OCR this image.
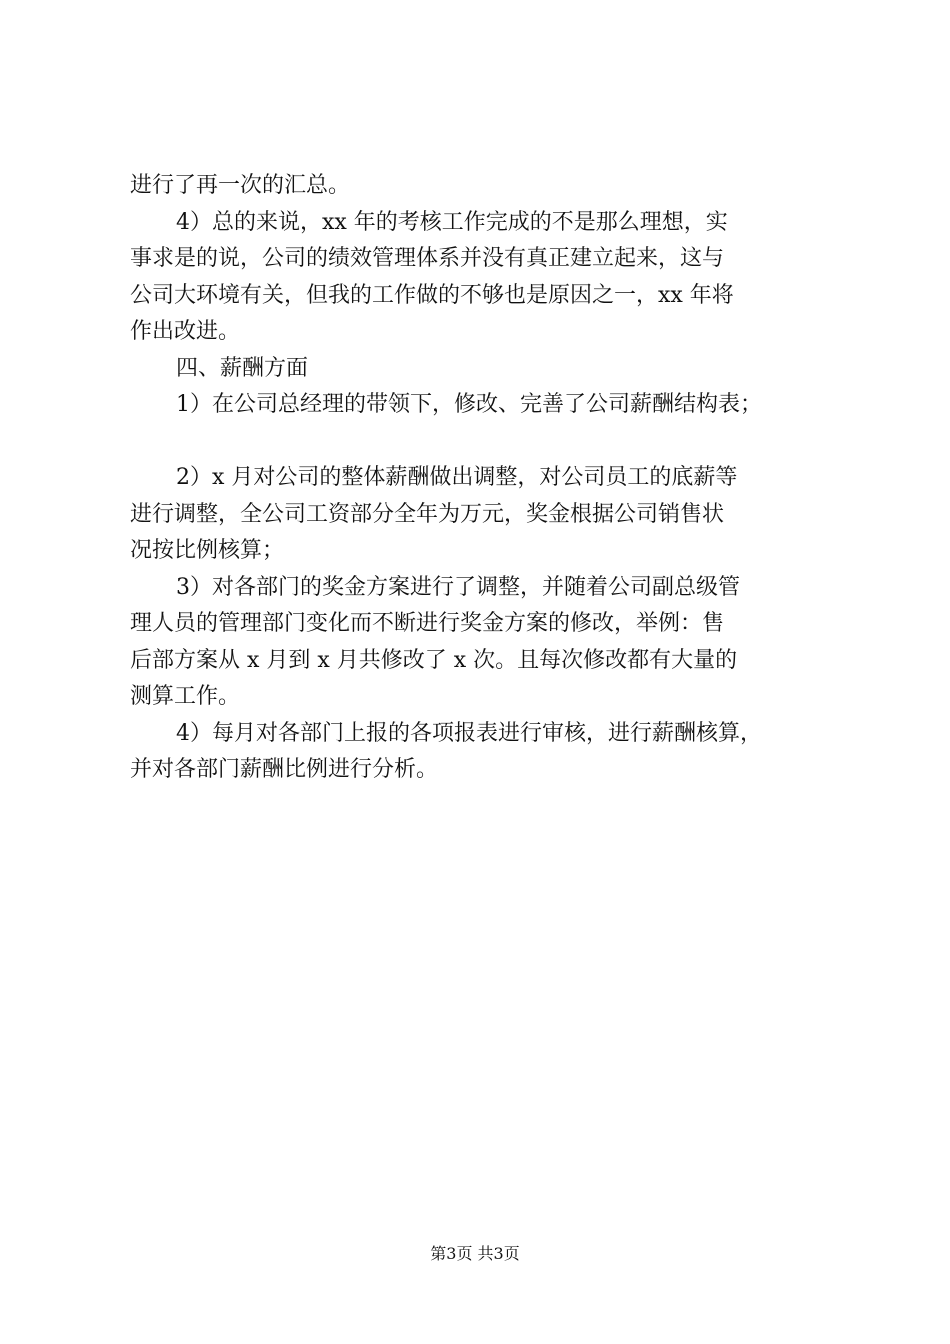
进行了再一次的汇总。
4）总的来说，xx 年的考核工作完成的不是那么理想，实
事求是的说，公司的绩效管理体系并没有真正建立起来，这与
公司大环境有关，但我的工作做的不够也是原因之一，xx 年将
作出改进。
四、薪酬方面
1）在公司总经理的带领下，修改、完善了公司薪酬结构表；
2）x 月对公司的整体薪酬做出调整，对公司员工的底薪等
进行调整，全公司工资部分全年为万元，奖金根据公司销售状
况按比例核算；
3）对各部门的奖金方案进行了调整，并随着公司副总级管
理人员的管理部门变化而不断进行奖金方案的修改，举例：售
后部方案从 x 月到 x 月共修改了 x 次。且每次修改都有大量的
测算工作。
4）每月对各部门上报的各项报表进行审核，进行薪酬核算，
并对各部门薪酬比例进行分析。
第3页 共3页
